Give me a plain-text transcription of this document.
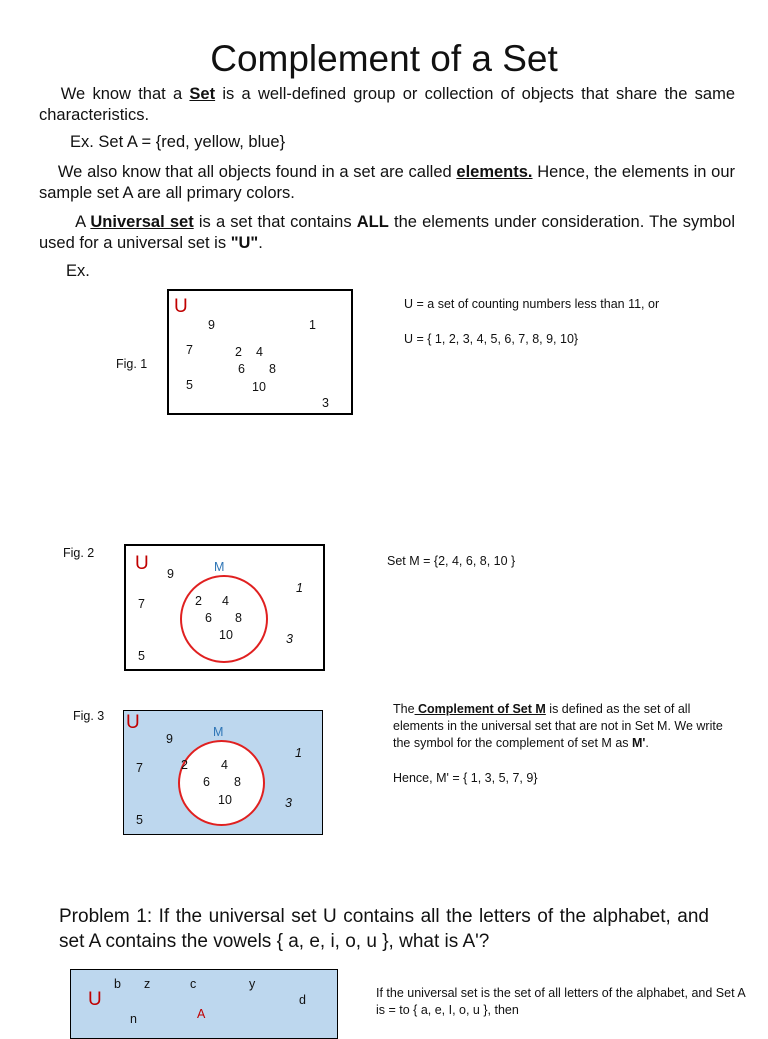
Complement of a Set
We know that a Set is a well-defined group or collection of objects that share the same characteristics.
Ex. Set A = {red, yellow, blue}
We also know that all objects found in a set are called elements. Hence, the elements in our sample set A are all primary colors.
A Universal set is a set that contains ALL the elements under consideration. The symbol used for a universal set is "U".
Ex.
Fig. 1
U
9	1
7	2 4
6 8
5	10
3
U = a set of counting numbers less than 11, or
U = { 1, 2, 3, 4, 5, 6, 7, 8, 9, 10}
Fig. 2 U	M
9
1
7	2 4
6 8
10	3
5
Set M = {2, 4, 6, 8, 10 }
Fig. 3 U	M
9
1
7	2	4
6 8
10	3
5
The Complement of Set M is defined as the set of all elements in the universal set that are not in Set M. We write the symbol for the complement of set M as M'.
Hence, M' = { 1, 3, 5, 7, 9}
Problem 1: If the universal set U contains all the letters of the alphabet, and set A contains the vowels { a, e, i, o, u }, what is A'?
U
b z	c	y
d
n	A
If the universal set is the set of all letters of the alphabet, and Set A is = to { a, e, I, o, u }, then
